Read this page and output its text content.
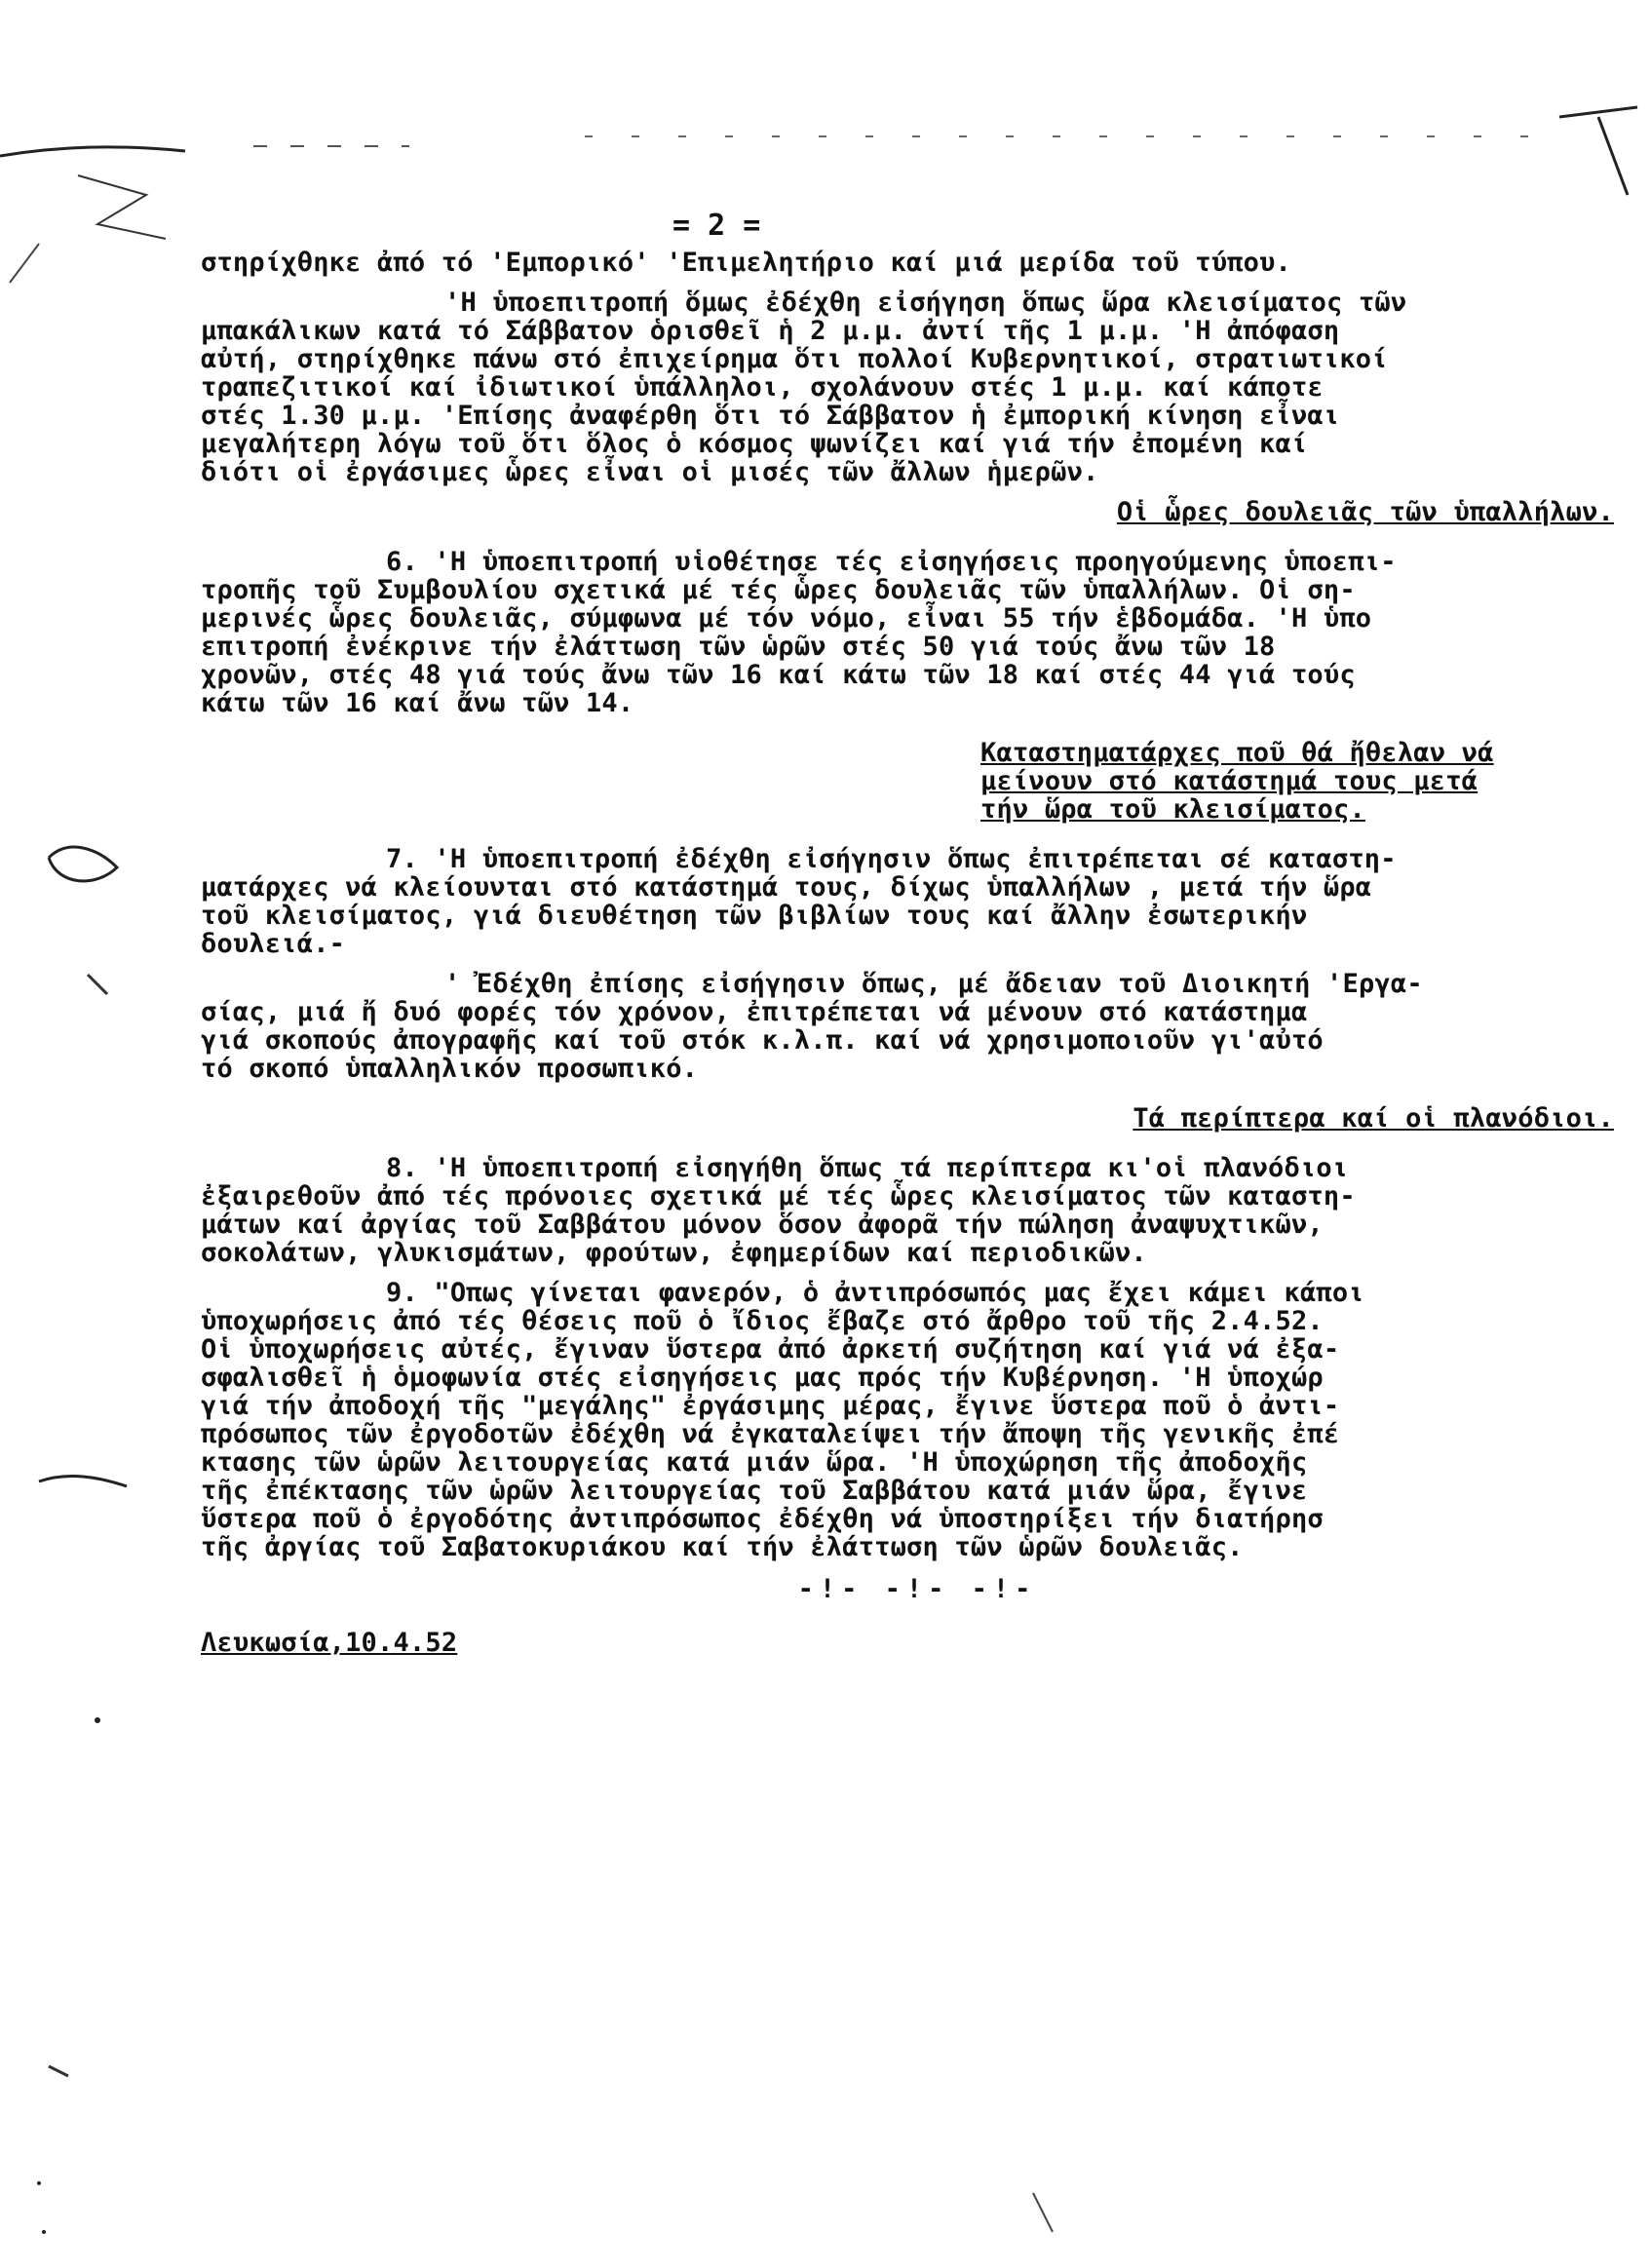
= 2 =
στηρίχθηκε ἀπό τό 'Εμπορικό' 'Επιμελητήριο καί μιά μερίδα τοῦ τύπου.
'Η ὑποεπιτροπή ὅμως ἐδέχθη εἰσήγηση ὅπως ὥρα κλεισίματος τῶν
μπακάλικων κατά τό Σάββατον ὁρισθεῖ ἡ 2 μ.μ. ἀντί τῆς 1 μ.μ. 'Η ἀπόφαση
αὐτή, στηρίχθηκε πάνω στό ἐπιχείρημα ὅτι πολλοί Κυβερνητικοί, στρατιωτικοί
τραπεζιτικοί καί ἰδιωτικοί ὑπάλληλοι, σχολάνουν στές 1 μ.μ. καί κάποτε
στές 1.30 μ.μ. 'Επίσης ἀναφέρθη ὅτι τό Σάββατον ἡ ἐμπορική κίνηση εἶναι
μεγαλήτερη λόγω τοῦ ὅτι ὅλος ὁ κόσμος ψωνίζει καί γιά τήν ἐπομένη καί
διότι οἱ ἐργάσιμες ὧρες εἶναι οἱ μισές τῶν ἄλλων ἡμερῶν.
Οἱ ὧρες δουλειᾶς τῶν ὑπαλλήλων.
6. 'Η ὑποεπιτροπή υἱοθέτησε τές εἰσηγήσεις προηγούμενης ὑποεπι-
τροπῆς τοῦ Συμβουλίου σχετικά μέ τές ὧρες δουλειᾶς τῶν ὑπαλλήλων. Οἱ ση-
μερινές ὧρες δουλειᾶς, σύμφωνα μέ τόν νόμο, εἶναι 55 τήν ἑβδομάδα. 'Η ὑπο
επιτροπή ἐνέκρινε τήν ἐλάττωση τῶν ὡρῶν στές 50 γιά τούς ἄνω τῶν 18
χρονῶν, στές 48 γιά τούς ἄνω τῶν 16 καί κάτω τῶν 18 καί στές 44 γιά τούς
κάτω τῶν 16 καί ἄνω τῶν 14.
Καταστηματάρχες ποῦ θά ἤθελαν νά
μείνουν στό κατάστημά τους μετά
τήν ὥρα τοῦ κλεισίματος.
7. 'Η ὑποεπιτροπή ἐδέχθη εἰσήγησιν ὅπως ἐπιτρέπεται σέ καταστη-
ματάρχες νά κλείουνται στό κατάστημά τους, δίχως ὑπαλλήλων , μετά τήν ὥρα
τοῦ κλεισίματος, γιά διευθέτηση τῶν βιβλίων τους καί ἄλλην ἐσωτερικήν
δουλειά.-
' Ἐδέχθη ἐπίσης εἰσήγησιν ὅπως, μέ ἄδειαν τοῦ Διοικητή 'Εργα-
σίας, μιά ἤ δυό φορές τόν χρόνον, ἐπιτρέπεται νά μένουν στό κατάστημα
γιά σκοπούς ἀπογραφῆς καί τοῦ στόκ κ.λ.π. καί νά χρησιμοποιοῦν γι'αὐτό
τό σκοπό ὑπαλληλικόν προσωπικό.
Τά περίπτερα καί οἱ πλανόδιοι.
8. 'Η ὑποεπιτροπή εἰσηγήθη ὅπως τά περίπτερα κι'οἱ πλανόδιοι
ἐξαιρεθοῦν ἀπό τές πρόνοιες σχετικά μέ τές ὧρες κλεισίματος τῶν καταστη-
μάτων καί ἀργίας τοῦ Σαββάτου μόνον ὅσον ἀφορᾶ τήν πώληση ἀναψυχτικῶν,
σοκολάτων, γλυκισμάτων, φρούτων, ἐφημερίδων καί περιοδικῶν.
9. "Οπως γίνεται φανερόν, ὁ ἀντιπρόσωπός μας ἔχει κάμει κάποι
ὑποχωρήσεις ἀπό τές θέσεις ποῦ ὁ ἴδιος ἔβαζε στό ἄρθρο τοῦ τῆς 2.4.52.
Οἱ ὑποχωρήσεις αὐτές, ἔγιναν ὕστερα ἀπό ἀρκετή συζήτηση καί γιά νά ἐξα-
σφαλισθεῖ ἡ ὁμοφωνία στές εἰσηγήσεις μας πρός τήν Κυβέρνηση. 'Η ὑποχώρ
γιά τήν ἀποδοχή τῆς "μεγάλης" ἐργάσιμης μέρας, ἔγινε ὕστερα ποῦ ὁ ἀντι-
πρόσωπος τῶν ἐργοδοτῶν ἐδέχθη νά ἐγκαταλείψει τήν ἄποψη τῆς γενικῆς ἐπέ
κτασης τῶν ὡρῶν λειτουργείας κατά μιάν ὥρα. 'Η ὑποχώρηση τῆς ἀποδοχῆς
τῆς ἐπέκτασης τῶν ὡρῶν λειτουργείας τοῦ Σαββάτου κατά μιάν ὥρα, ἔγινε
ὕστερα ποῦ ὁ ἐργοδότης ἀντιπρόσωπος ἐδέχθη νά ὑποστηρίξει τήν διατήρησ
τῆς ἀργίας τοῦ Σαβατοκυριάκου καί τήν ἐλάττωση τῶν ὡρῶν δουλειᾶς.
-!- -!- -!-
Λευκωσία,10.4.52
